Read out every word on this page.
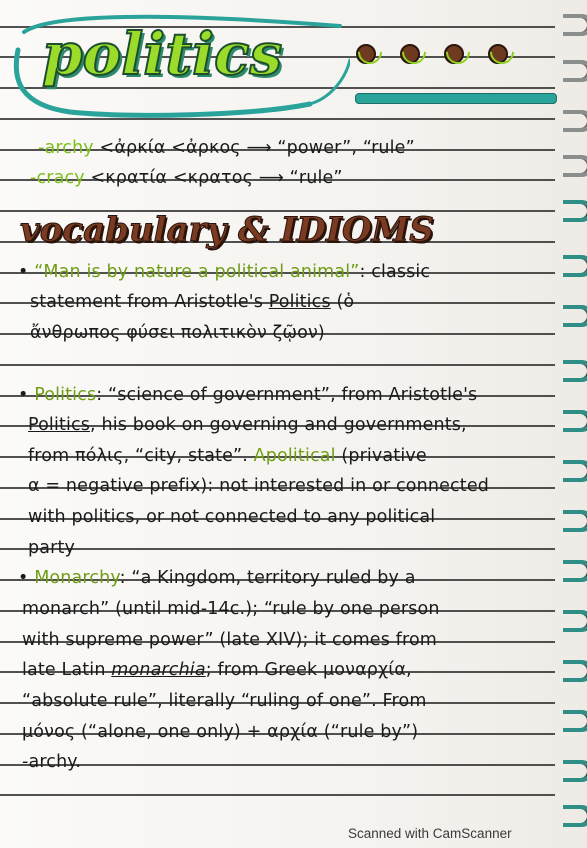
politics
-archy <ἀρκία <ἀρκος ⟶ “power”, “rule”
-cracy <κρατία <κρατος ⟶ “rule”
vocabulary & IDIOMS
• “Man is by nature a political animal”: classic
statement from Aristotle's Politics (ὁ
ἄνθρωπος φύσει πολιτικὸν ζῷον)
• Politics: “science of government”, from Aristotle's
Politics, his book on governing and governments,
from πόλις, “city, state”. Apolitical (privative
α = negative prefix): not interested in or connected
with politics, or not connected to any political
party
• Monarchy: “a Kingdom, territory ruled by a
monarch” (until mid-14c.); “rule by one person
with supreme power” (late XIV); it comes from
late Latin monarchia; from Greek μοναρχία,
“absolute rule”, literally “ruling of one”. From
μόνος (“alone, one only) + αρχία (“rule by”)
-archy.
Scanned with CamScanner
